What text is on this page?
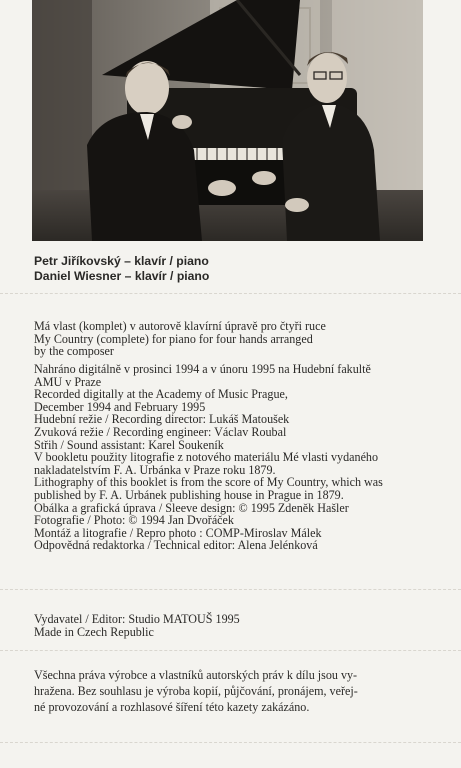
Petr Jiříkovský – klavír / piano
Daniel Wiesner – klavír / piano
Má vlast (komplet) v autorově klavírní úpravě pro čtyři ruce
My Country (complete) for piano for four hands arranged
by the composer
Nahráno digitálně v prosinci 1994 a v únoru 1995 na Hudební fakultě
AMU v Praze
Recorded digitally at the Academy of Music Prague,
December 1994 and February 1995
Hudební režie / Recording director: Lukáš Matoušek
Zvuková režie / Recording engineer: Václav Roubal
Střih / Sound assistant: Karel Soukeník
V bookletu použity litografie z notového materiálu Mé vlasti vydaného
nakladatelstvím F. A. Urbánka v Praze roku 1879.
Lithography of this booklet is from the score of My Country, which was
published by F. A. Urbánek publishing house in Prague in 1879.
Obálka a grafická úprava / Sleeve design: © 1995 Zdeněk Hašler
Fotografie / Photo: © 1994 Jan Dvořáček
Montáž a litografie / Repro photo : COMP-Miroslav Málek
Odpovědná redaktorka / Technical editor: Alena Jelénková
Vydavatel / Editor: Studio MATOUŠ 1995
Made in Czech Republic
Všechna práva výrobce a vlastníků autorských práv k dílu jsou vy-
hražena. Bez souhlasu je výroba kopií, půjčování, pronájem, veřej-
né provozování a rozhlasové šíření této kazety zakázáno.
